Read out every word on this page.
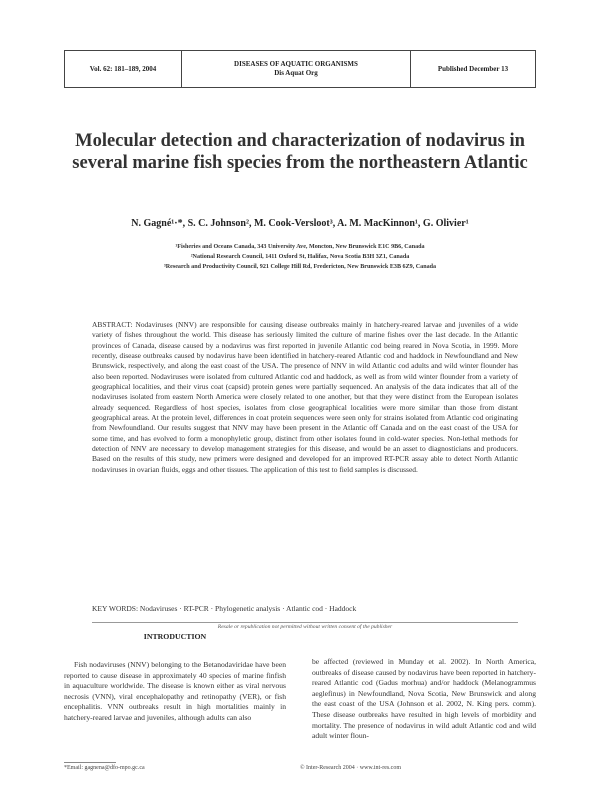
Vol. 62: 181–189, 2004
DISEASES OF AQUATIC ORGANISMS
Dis Aquat Org	Published December 13
Molecular detection and characterization of nodavirus in several marine fish species from the northeastern Atlantic
N. Gagné¹·*, S. C. Johnson², M. Cook-Versloot³, A. M. MacKinnon¹, G. Olivier¹
¹Fisheries and Oceans Canada, 343 University Ave, Moncton, New Brunswick E1C 9B6, Canada
²National Research Council, 1411 Oxford St, Halifax, Nova Scotia B3H 3Z1, Canada
³Research and Productivity Council, 921 College Hill Rd, Fredericton, New Brunswick E3B 6Z9, Canada
ABSTRACT: Nodaviruses (NNV) are responsible for causing disease outbreaks mainly in hatchery-reared larvae and juveniles of a wide variety of fishes throughout the world. This disease has seriously limited the culture of marine fishes over the last decade. In the Atlantic provinces of Canada, disease caused by a nodavirus was first reported in juvenile Atlantic cod being reared in Nova Scotia, in 1999. More recently, disease outbreaks caused by nodavirus have been identified in hatchery-reared Atlantic cod and haddock in Newfoundland and New Brunswick, respectively, and along the east coast of the USA. The presence of NNV in wild Atlantic cod adults and wild winter flounder has also been reported. Nodaviruses were isolated from cultured Atlantic cod and haddock, as well as from wild winter flounder from a variety of geographical localities, and their virus coat (capsid) protein genes were partially sequenced. An analysis of the data indicates that all of the nodaviruses isolated from eastern North America were closely related to one another, but that they were distinct from the European isolates already sequenced. Regardless of host species, isolates from close geographical localities were more similar than those from distant geographical areas. At the protein level, differences in coat protein sequences were seen only for strains isolated from Atlantic cod originating from Newfoundland. Our results suggest that NNV may have been present in the Atlantic off Canada and on the east coast of the USA for some time, and has evolved to form a monophyletic group, distinct from other isolates found in cold-water species. Non-lethal methods for detection of NNV are necessary to develop management strategies for this disease, and would be an asset to diagnosticians and producers. Based on the results of this study, new primers were designed and developed for an improved RT-PCR assay able to detect North Atlantic nodaviruses in ovarian fluids, eggs and other tissues. The application of this test to field samples is discussed.
KEY WORDS: Nodaviruses · RT-PCR · Phylogenetic analysis · Atlantic cod · Haddock
Resale or republication not permitted without written consent of the publisher
INTRODUCTION

Fish nodaviruses (NNV) belonging to the Betanodaviridae have been reported to cause disease in approximately 40 species of marine finfish in aquaculture worldwide. The disease is known either as viral nervous necrosis (VNN), viral encephalopathy and retinopathy (VER), or fish encephalitis. VNN outbreaks result in high mortalities mainly in hatchery-reared larvae and juveniles, although adults can also

be affected (reviewed in Munday et al. 2002). In North America, outbreaks of disease caused by nodavirus have been reported in hatchery-reared Atlantic cod (Gadus morhua) and/or haddock (Melanogrammus aeglefinus) in Newfoundland, Nova Scotia, New Brunswick and along the east coast of the USA (Johnson et al. 2002, N. King pers. comm). These disease outbreaks have resulted in high levels of morbidity and mortality. The presence of nodavirus in wild adult Atlantic cod and wild adult winter floun-

*Email: gagnena@dfo-mpo.gc.ca	© Inter-Research 2004 · www.int-res.com
